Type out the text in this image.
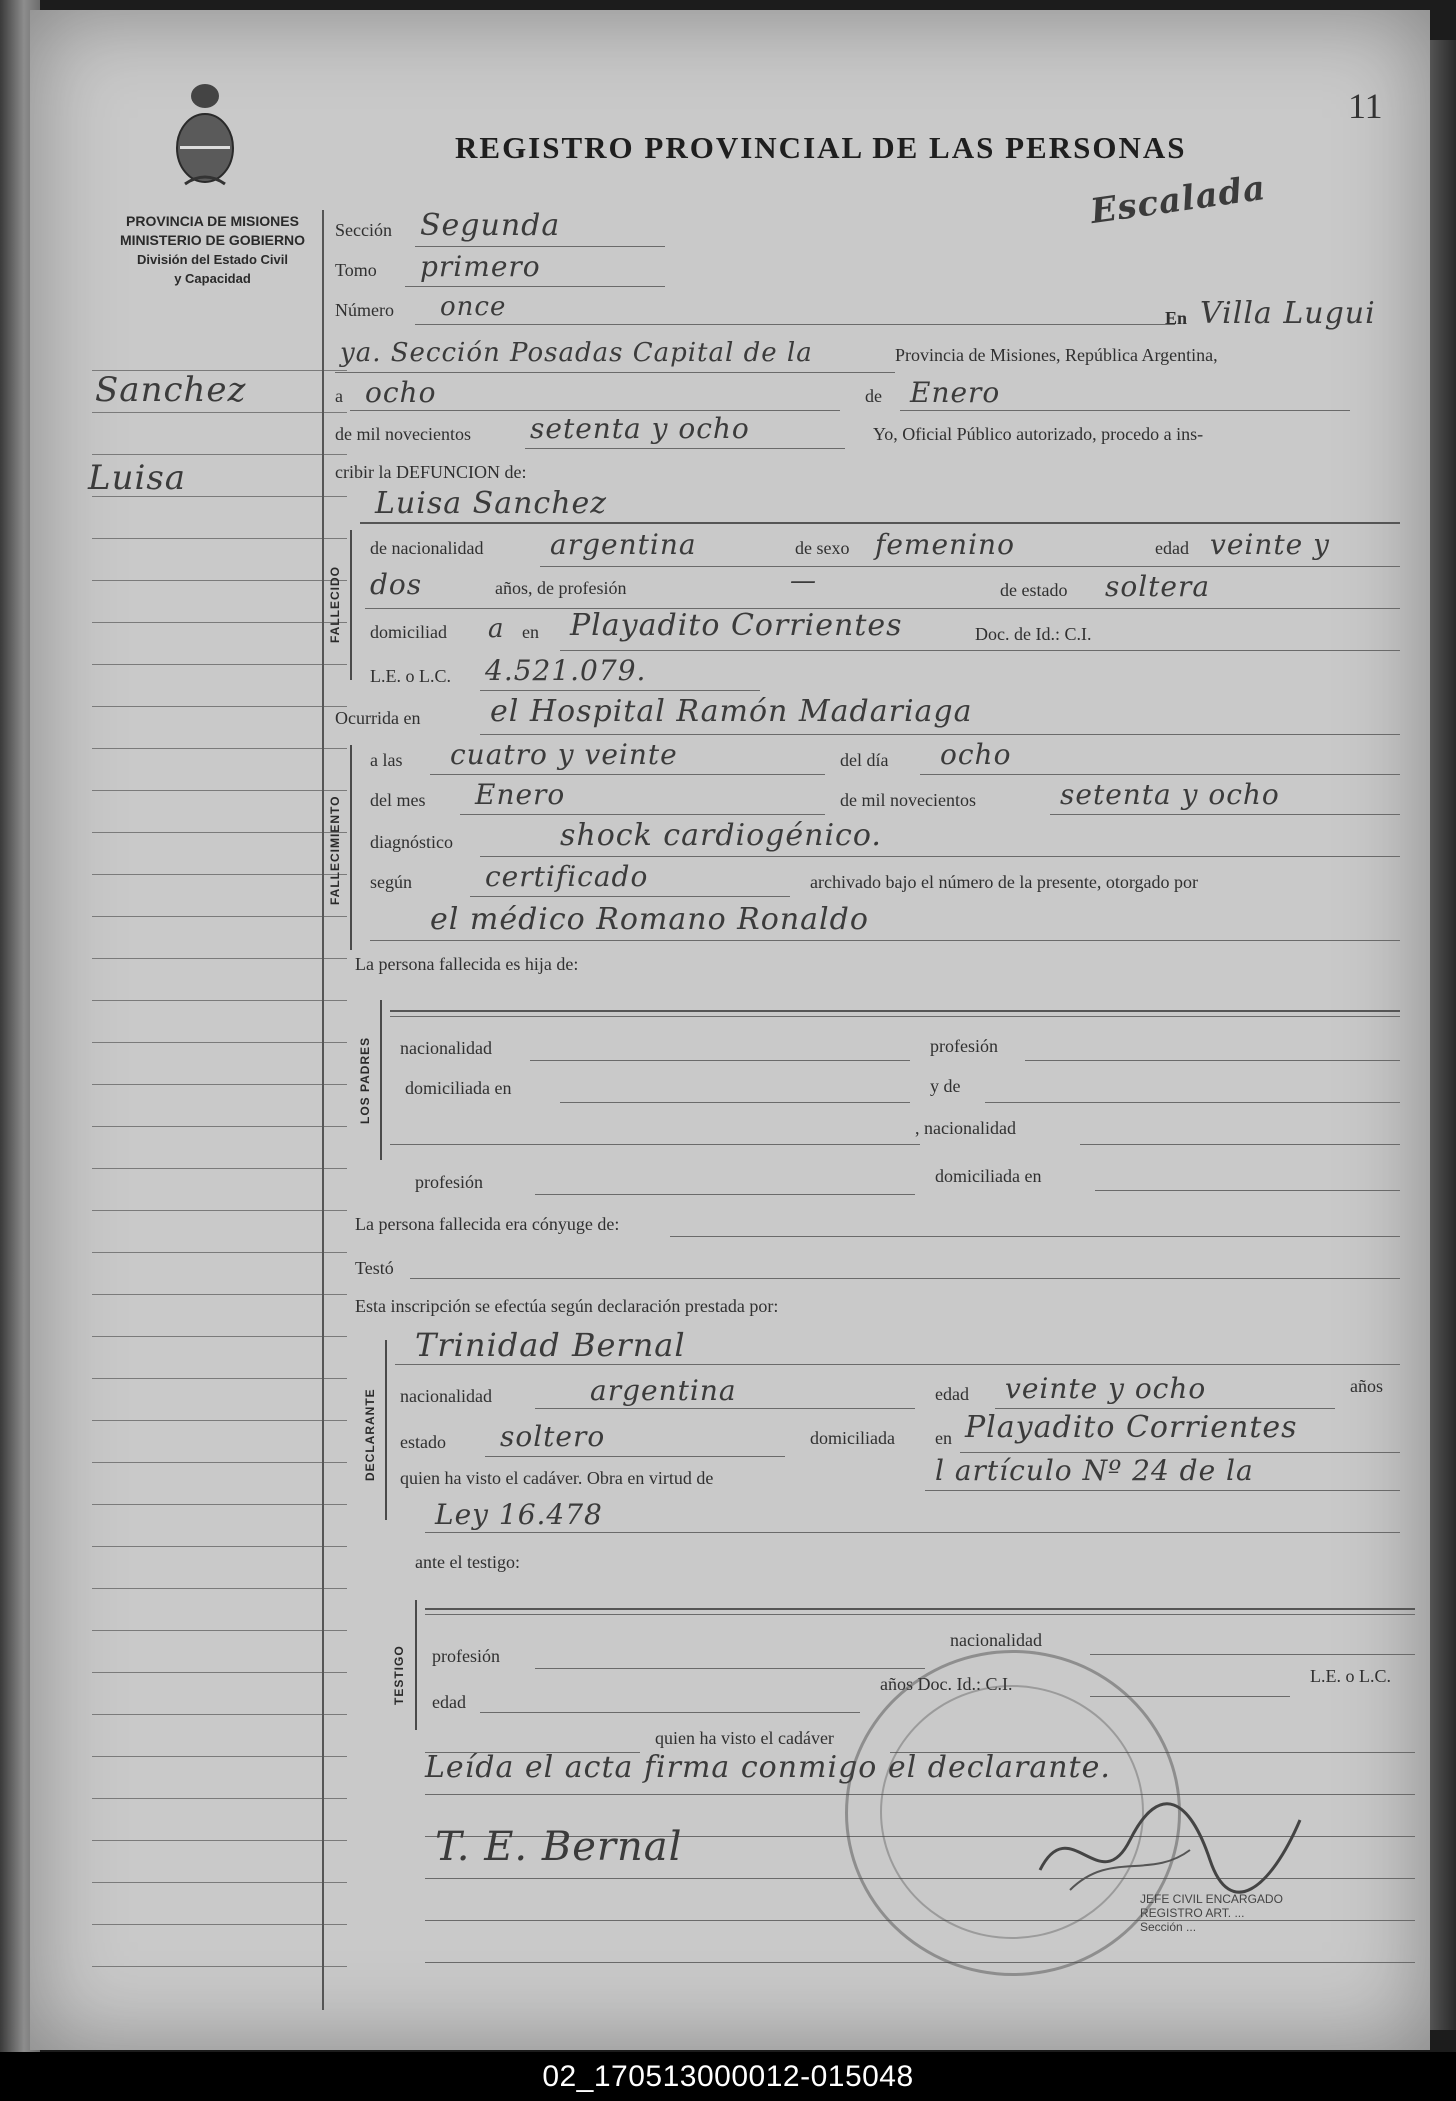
PROVINCIA DE MISIONES
MINISTERIO DE GOBIERNO
División del Estado Civil
y Capacidad
REGISTRO PROVINCIAL DE LAS PERSONAS
11
Escalada
Sanchez
Luisa
Sección Segunda
Tomo primero
Número once	En Villa Lugui
ya. Sección Posadas Capital de la	Provincia de Misiones, República Argentina,
a ocho	de Enero
de mil novecientos setenta y ocho	Yo, Oficial Público autorizado, procedo a ins-
cribir la DEFUNCION de:
FALLECIDO
Luisa Sanchez
de nacionalidad argentina	de sexo femenino	edad veinte y
dos	años, de profesión	—	de estado soltera
domiciliad a en Playadito Corrientes	Doc. de Id.: C.I.
L.E. o L.C. 4.521.079.
Ocurrida en el Hospital Ramón Madariaga
FALLECIMIENTO
a las cuatro y veinte	del día ocho
del mes Enero	de mil novecientos	setenta y ocho
diagnóstico	shock cardiogénico.
según	certificado	archivado bajo el número de la presente, otorgado por
el médico Romano Ronaldo
La persona fallecida es hija de:
LOS PADRES	nacionalidad	profesión
domiciliada en	y de
, nacionalidad
profesión	domiciliada en
La persona fallecida era cónyuge de:
Testó
Esta inscripción se efectúa según declaración prestada por:
DECLARANTE
Trinidad Bernal
nacionalidad	argentina	edad veinte y ocho	años
estado soltero	domiciliada en Playadito Corrientes
quien ha visto el cadáver. Obra en virtud de	l artículo Nº 24 de la
Ley 16.478
ante el testigo:
TESTIGO	profesión
nacionalidad
edad
años Doc. Id.: C.I.	L.E. o L.C.
quien ha visto el cadáver
Leída el acta firma conmigo el declarante.
T. E. Bernal
JEFE CIVIL ENCARGADO
REGISTRO ART. ...
Sección ...
02_170513000012-015048
